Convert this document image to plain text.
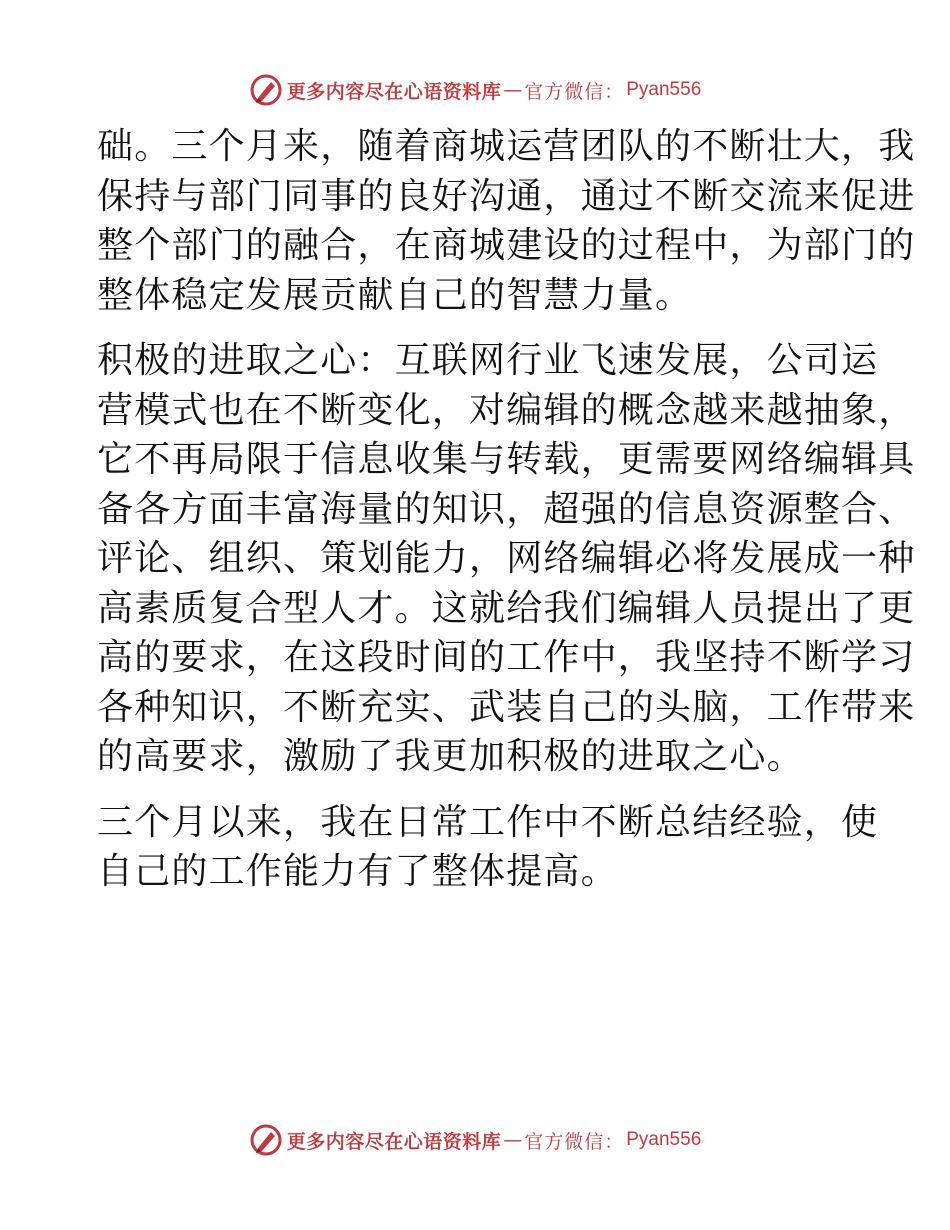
更多内容尽在心语资料库 — 官方微信： Pyan556

础。三个月来，随着商城运营团队的不断壮大，我
保持与部门同事的良好沟通，通过不断交流来促进
整个部门的融合，在商城建设的过程中，为部门的
整体稳定发展贡献自己的智慧力量。

积极的进取之心：互联网行业飞速发展，公司运
营模式也在不断变化，对编辑的概念越来越抽象，
它不再局限于信息收集与转载，更需要网络编辑具
备各方面丰富海量的知识，超强的信息资源整合、
评论、组织、策划能力，网络编辑必将发展成一种
高素质复合型人才。这就给我们编辑人员提出了更
高的要求，在这段时间的工作中，我坚持不断学习
各种知识，不断充实、武装自己的头脑，工作带来
的高要求，激励了我更加积极的进取之心。

三个月以来，我在日常工作中不断总结经验，使
自己的工作能力有了整体提高。

更多内容尽在心语资料库 — 官方微信： Pyan556
